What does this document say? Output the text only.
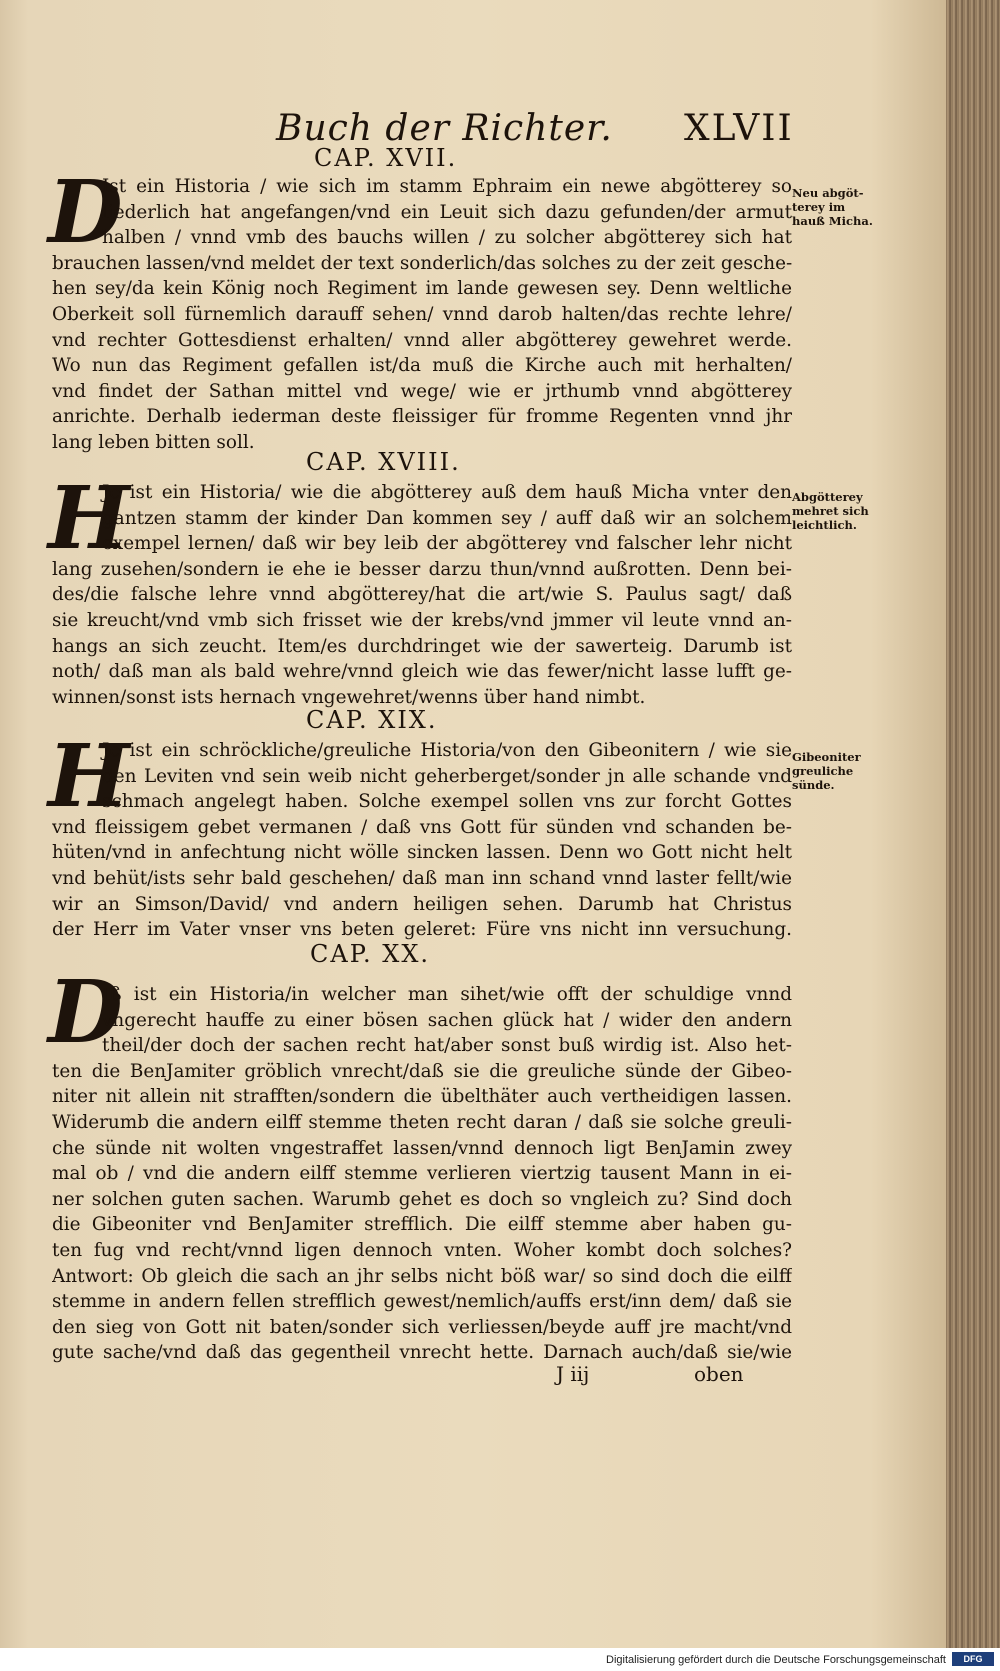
Buch der Richter. XLVII
CAP. XVII.
D
Ist ein Historia / wie sich im stamm Ephraim ein newe abgötterey so
liederlich hat angefangen/vnd ein Leuit sich dazu gefunden/der armut
halben / vnnd vmb des bauchs willen / zu solcher abgötterey sich hat
brauchen lassen/vnd meldet der text sonderlich/das solches zu der zeit gesche-
hen sey/da kein König noch Regiment im lande gewesen sey. Denn weltliche
Oberkeit soll fürnemlich darauff sehen/ vnnd darob halten/das rechte lehre/
vnd rechter Gottesdienst erhalten/ vnnd aller abgötterey gewehret werde.
Wo nun das Regiment gefallen ist/da muß die Kirche auch mit herhalten/
vnd findet der Sathan mittel vnd wege/ wie er jrthumb vnnd abgötterey
anrichte. Derhalb iederman deste fleissiger für fromme Regenten vnnd jhr
lang leben bitten soll.
Neu abgöt- terey im hauß Micha.
CAP. XVIII.
H
Je ist ein Historia/ wie die abgötterey auß dem hauß Micha vnter den
gantzen stamm der kinder Dan kommen sey / auff daß wir an solchem
exempel lernen/ daß wir bey leib der abgötterey vnd falscher lehr nicht
lang zusehen/sondern ie ehe ie besser darzu thun/vnnd außrotten. Denn bei-
des/die falsche lehre vnnd abgötterey/hat die art/wie S. Paulus sagt/ daß
sie kreucht/vnd vmb sich frisset wie der krebs/vnd jmmer vil leute vnnd an-
hangs an sich zeucht. Item/es durchdringet wie der sawerteig. Darumb ist
noth/ daß man als bald wehre/vnnd gleich wie das fewer/nicht lasse lufft ge-
winnen/sonst ists hernach vngewehret/wenns über hand nimbt.
Abgötterey mehret sich leichtlich.
CAP. XIX.
H
Je ist ein schröckliche/greuliche Historia/von den Gibeonitern / wie sie
den Leviten vnd sein weib nicht geherberget/sonder jn alle schande vnd
schmach angelegt haben. Solche exempel sollen vns zur forcht Gottes
vnd fleissigem gebet vermanen / daß vns Gott für sünden vnd schanden be-
hüten/vnd in anfechtung nicht wölle sincken lassen. Denn wo Gott nicht helt
vnd behüt/ists sehr bald geschehen/ daß man inn schand vnnd laster fellt/wie
wir an Simson/David/ vnd andern heiligen sehen. Darumb hat Christus
der Herr im Vater vnser vns beten geleret: Füre vns nicht inn versuchung.
Gibeoniter greuliche sünde.
CAP. XX.
D
Iß ist ein Historia/in welcher man sihet/wie offt der schuldige vnnd
vngerecht hauffe zu einer bösen sachen glück hat / wider den andern
theil/der doch der sachen recht hat/aber sonst buß wirdig ist. Also het-
ten die BenJamiter gröblich vnrecht/daß sie die greuliche sünde der Gibeo-
niter nit allein nit strafften/sondern die übelthäter auch vertheidigen lassen.
Widerumb die andern eilff stemme theten recht daran / daß sie solche greuli-
che sünde nit wolten vngestraffet lassen/vnnd dennoch ligt BenJamin zwey
mal ob / vnd die andern eilff stemme verlieren viertzig tausent Mann in ei-
ner solchen guten sachen. Warumb gehet es doch so vngleich zu? Sind doch
die Gibeoniter vnd BenJamiter strefflich. Die eilff stemme aber haben gu-
ten fug vnd recht/vnnd ligen dennoch vnten. Woher kombt doch solches?
Antwort: Ob gleich die sach an jhr selbs nicht böß war/ so sind doch die eilff
stemme in andern fellen strefflich gewest/nemlich/auffs erst/inn dem/ daß sie
den sieg von Gott nit baten/sonder sich verliessen/beyde auff jre macht/vnd
gute sache/vnd daß das gegentheil vnrecht hette. Darnach auch/daß sie/wie
J iij	oben
Digitalisierung gefördert durch die Deutsche Forschungsgemeinschaft	DFG
